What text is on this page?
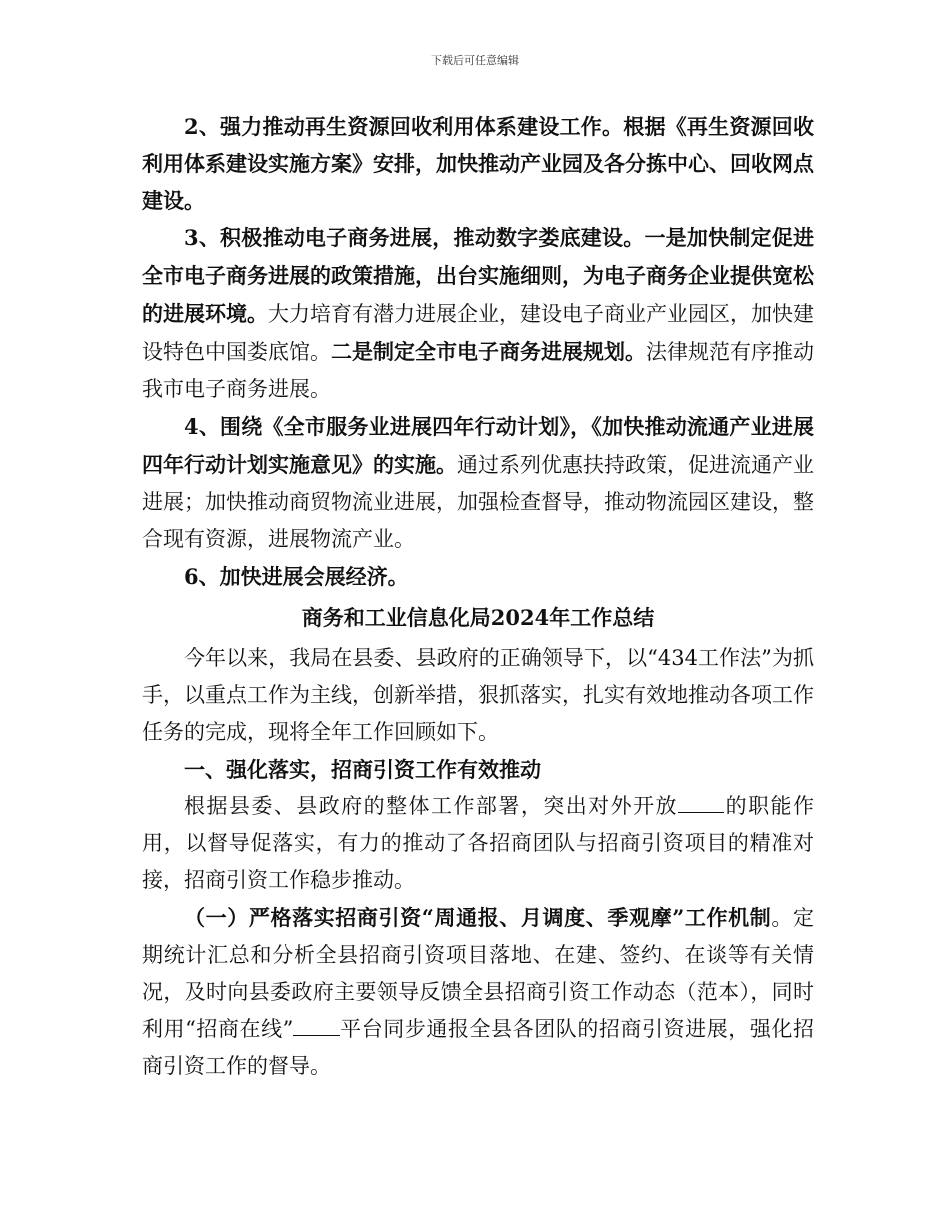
下载后可任意编辑

2、强力推动再生资源回收利用体系建设工作。根据《再生资源回收利用体系建设实施方案》安排，加快推动产业园及各分拣中心、回收网点建设。

3、积极推动电子商务进展，推动数字娄底建设。一是加快制定促进全市电子商务进展的政策措施，出台实施细则，为电子商务企业提供宽松的进展环境。大力培育有潜力进展企业，建设电子商业产业园区，加快建设特色中国娄底馆。二是制定全市电子商务进展规划。法律规范有序推动我市电子商务进展。

4、围绕《全市服务业进展四年行动计划》，《加快推动流通产业进展四年行动计划实施意见》的实施。通过系列优惠扶持政策，促进流通产业进展；加快推动商贸物流业进展，加强检查督导，推动物流园区建设，整合现有资源，进展物流产业。

6、加快进展会展经济。

商务和工业信息化局2024年工作总结

今年以来，我局在县委、县政府的正确领导下，以“434工作法”为抓手，以重点工作为主线，创新举措，狠抓落实，扎实有效地推动各项工作任务的完成，现将全年工作回顾如下。

一、强化落实，招商引资工作有效推动

根据县委、县政府的整体工作部署，突出对外开放 的职能作用，以督导促落实，有力的推动了各招商团队与招商引资项目的精准对接，招商引资工作稳步推动。

（一）严格落实招商引资“周通报、月调度、季观摩”工作机制。定期统计汇总和分析全县招商引资项目落地、在建、签约、在谈等有关情况，及时向县委政府主要领导反馈全县招商引资工作动态（范本），同时利用“招商在线” 平台同步通报全县各团队的招商引资进展，强化招商引资工作的督导。
